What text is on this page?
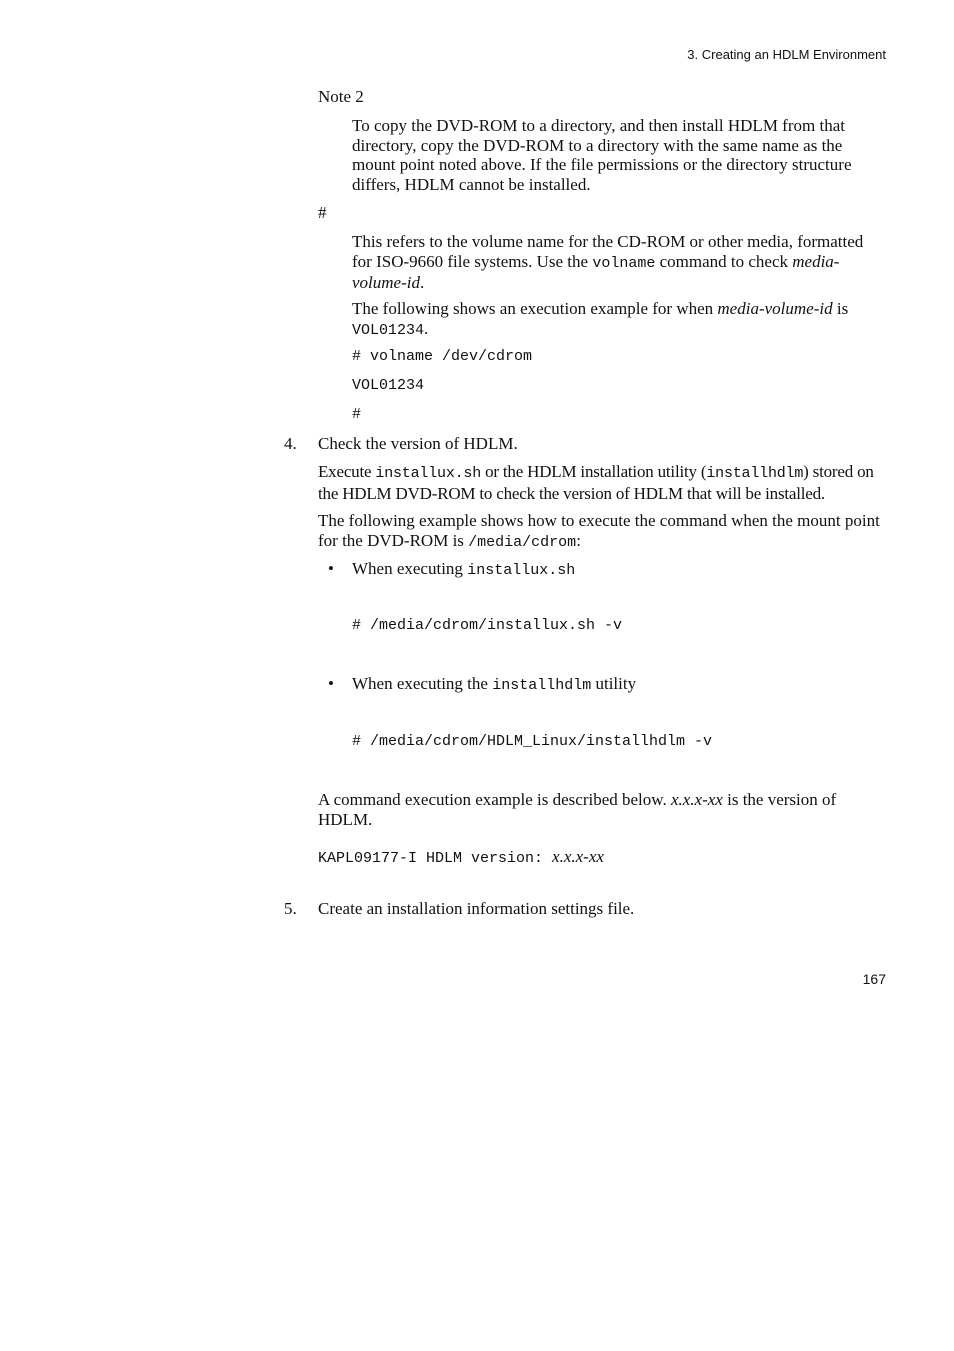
3. Creating an HDLM Environment
Note 2

To copy the DVD-ROM to a directory, and then install HDLM from that directory, copy the DVD-ROM to a directory with the same name as the mount point noted above. If the file permissions or the directory structure differs, HDLM cannot be installed.

#

This refers to the volume name for the CD-ROM or other media, formatted for ISO-9660 file systems. Use the volname command to check media-volume-id.

The following shows an execution example for when media-volume-id is VOL01234.

# volname /dev/cdrom
VOL01234
#
4. Check the version of HDLM.

Execute installux.sh or the HDLM installation utility (installhdlm) stored on the HDLM DVD-ROM to check the version of HDLM that will be installed.

The following example shows how to execute the command when the mount point for the DVD-ROM is /media/cdrom:

• When executing installux.sh
# /media/cdrom/installux.sh -v
• When executing the installhdlm utility
# /media/cdrom/HDLM_Linux/installhdlm -v

A command execution example is described below. x.x.x-xx is the version of HDLM.

KAPL09177-I HDLM version: x.x.x-xx
5. Create an installation information settings file.
167
